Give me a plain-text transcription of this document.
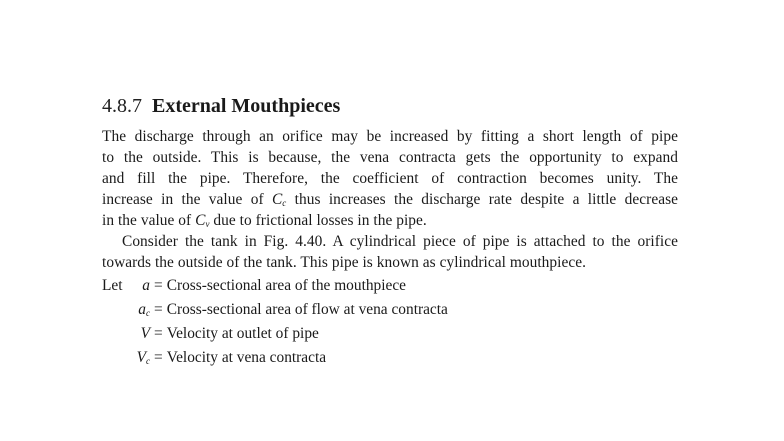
4.8.7 External Mouthpieces
The discharge through an orifice may be increased by fitting a short length of pipe
to the outside. This is because, the vena contracta gets the opportunity to expand
and fill the pipe. Therefore, the coefficient of contraction becomes unity. The
increase in the value of $C_c$ thus increases the discharge rate despite a little decrease
in the value of $C_v$ due to frictional losses in the pipe.
Consider the tank in Fig. 4.40. A cylindrical piece of pipe is attached to the orifice
towards the outside of the tank. This pipe is known as cylindrical mouthpiece.
Let a = Cross-sectional area of the mouthpiece
$a_c$ = Cross-sectional area of flow at vena contracta
V = Velocity at outlet of pipe
$V_c$ = Velocity at vena contracta
